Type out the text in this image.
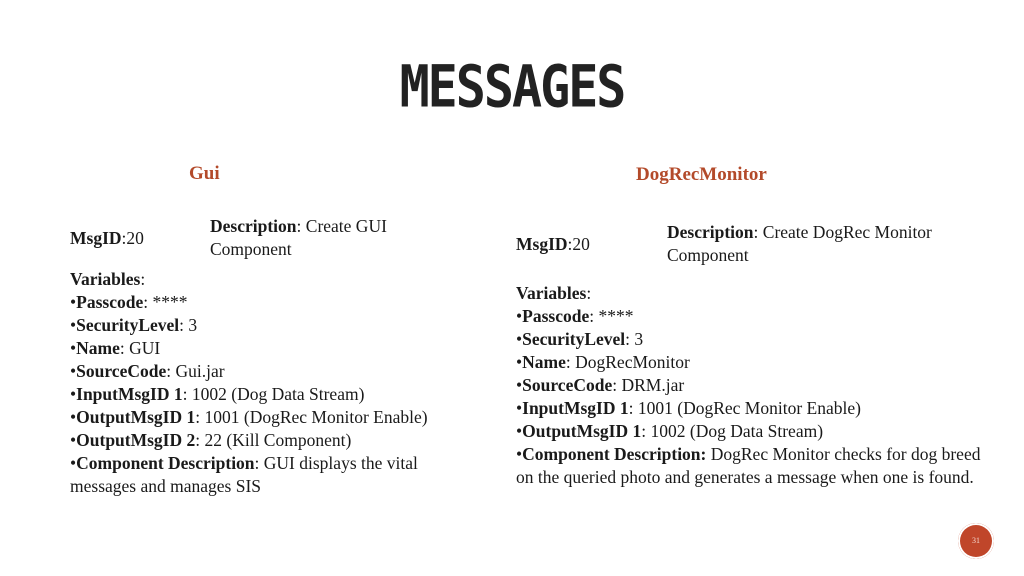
MESSAGES
Gui
MsgID:20
Description: Create GUI Component
Variables:
•Passcode: ****
•SecurityLevel: 3
•Name: GUI
•SourceCode: Gui.jar
•InputMsgID 1: 1002 (Dog Data Stream)
•OutputMsgID 1: 1001 (DogRec Monitor Enable)
•OutputMsgID 2: 22 (Kill Component)
•Component Description: GUI displays the vital messages and manages SIS
DogRecMonitor
MsgID:20
Description: Create DogRec Monitor Component
Variables:
•Passcode: ****
•SecurityLevel: 3
•Name: DogRecMonitor
•SourceCode: DRM.jar
•InputMsgID 1: 1001 (DogRec Monitor Enable)
•OutputMsgID 1: 1002 (Dog Data Stream)
•Component Description: DogRec Monitor checks for dog breed on the queried photo and generates a message when one is found.
31
